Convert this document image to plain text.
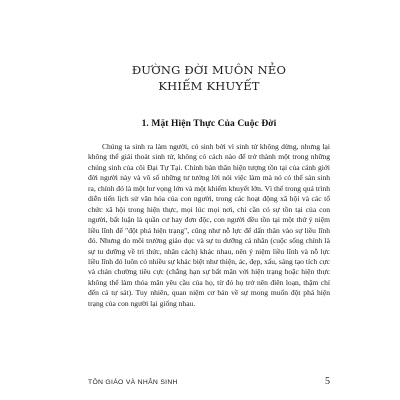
ĐƯỜNG ĐỜI MUÔN NẺO

KHIẾM KHUYẾT

1. Mặt Hiện Thực Của Cuộc Đời

Chúng ta sinh ra làm người, có sinh bởi vì sinh tử không dừng, nhưng lại không thể giải thoát sinh tử, không có cách nào để trở thành một trong những chúng sinh của cõi Đại Tự Tại. Chính bản thân hiện tượng tồn tại của cảnh giới đời người này và vô số những tư tưởng lời nói việc làm mà nó có thể sản sinh ra, chính đó là một hư vọng lớn và một khiếm khuyết lớn. Vì thế trong quá trình diễn tiến lịch sử văn hóa của con người, trong các hoạt động xã hội và các tổ chức xã hội trong hiện thực, mọi lúc mọi nơi, chỉ cần có sự tồn tại của con người, bất luận là quần cư hay đơn độc, con người đều tồn tại một thứ ý niệm liều lĩnh để "đột phá hiện trạng", cũng như nỗ lực để dấn thân vào sự liều lĩnh đó. Nhưng do môi trường giáo dục và sự tu dưỡng cá nhân (cuộc sống chính là sự tu dưỡng về tri thức, nhân cách) khác nhau, nên ý niệm liều lĩnh và nỗ lực liều lĩnh đó luôn có nhiều sự khác biệt như thiện, ác, đẹp, xấu, sáng tạo tích cực và chán chường tiêu cực (chẳng hạn sự bất mãn với hiện trạng hoặc hiện thực không thể làm thỏa mãn yêu cầu của họ, từ đó họ trở nên điên loạn, thậm chí đến cả tự sát). Tuy nhiên, quan niệm cơ bản về sự mong muốn đột phá hiện trạng của con người lại giống nhau.

TÔN GIÁO VÀ NHÂN SINH	5
